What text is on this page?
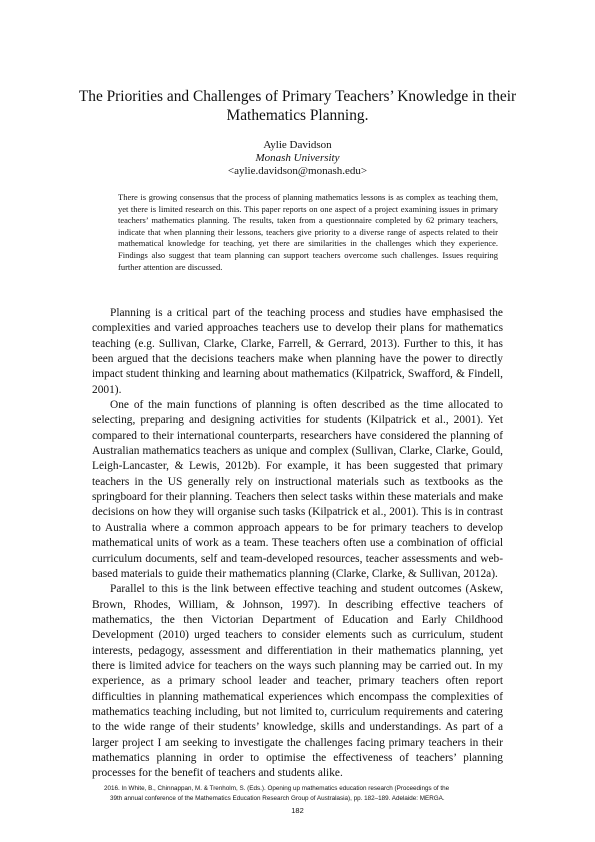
The Priorities and Challenges of Primary Teachers’ Knowledge in their Mathematics Planning.
Aylie Davidson
Monash University
<aylie.davidson@monash.edu>
There is growing consensus that the process of planning mathematics lessons is as complex as teaching them, yet there is limited research on this. This paper reports on one aspect of a project examining issues in primary teachers’ mathematics planning. The results, taken from a questionnaire completed by 62 primary teachers, indicate that when planning their lessons, teachers give priority to a diverse range of aspects related to their mathematical knowledge for teaching, yet there are similarities in the challenges which they experience. Findings also suggest that team planning can support teachers overcome such challenges. Issues requiring further attention are discussed.

Planning is a critical part of the teaching process and studies have emphasised the complexities and varied approaches teachers use to develop their plans for mathematics teaching (e.g. Sullivan, Clarke, Clarke, Farrell, & Gerrard, 2013). Further to this, it has been argued that the decisions teachers make when planning have the power to directly impact student thinking and learning about mathematics (Kilpatrick, Swafford, & Findell, 2001).

One of the main functions of planning is often described as the time allocated to selecting, preparing and designing activities for students (Kilpatrick et al., 2001). Yet compared to their international counterparts, researchers have considered the planning of Australian mathematics teachers as unique and complex (Sullivan, Clarke, Clarke, Gould, Leigh-Lancaster, & Lewis, 2012b). For example, it has been suggested that primary teachers in the US generally rely on instructional materials such as textbooks as the springboard for their planning. Teachers then select tasks within these materials and make decisions on how they will organise such tasks (Kilpatrick et al., 2001). This is in contrast to Australia where a common approach appears to be for primary teachers to develop mathematical units of work as a team. These teachers often use a combination of official curriculum documents, self and team-developed resources, teacher assessments and web-based materials to guide their mathematics planning (Clarke, Clarke, & Sullivan, 2012a).

Parallel to this is the link between effective teaching and student outcomes (Askew, Brown, Rhodes, William, & Johnson, 1997). In describing effective teachers of mathematics, the then Victorian Department of Education and Early Childhood Development (2010) urged teachers to consider elements such as curriculum, student interests, pedagogy, assessment and differentiation in their mathematics planning, yet there is limited advice for teachers on the ways such planning may be carried out. In my experience, as a primary school leader and teacher, primary teachers often report difficulties in planning mathematical experiences which encompass the complexities of mathematics teaching including, but not limited to, curriculum requirements and catering to the wide range of their students’ knowledge, skills and understandings. As part of a larger project I am seeking to investigate the challenges facing primary teachers in their mathematics planning in order to optimise the effectiveness of teachers’ planning processes for the benefit of teachers and students alike.

2016. In White, B., Chinnappan, M. & Trenholm, S. (Eds.). Opening up mathematics education research (Proceedings of the
39th annual conference of the Mathematics Education Research Group of Australasia), pp. 182–189. Adelaide: MERGA.
182
